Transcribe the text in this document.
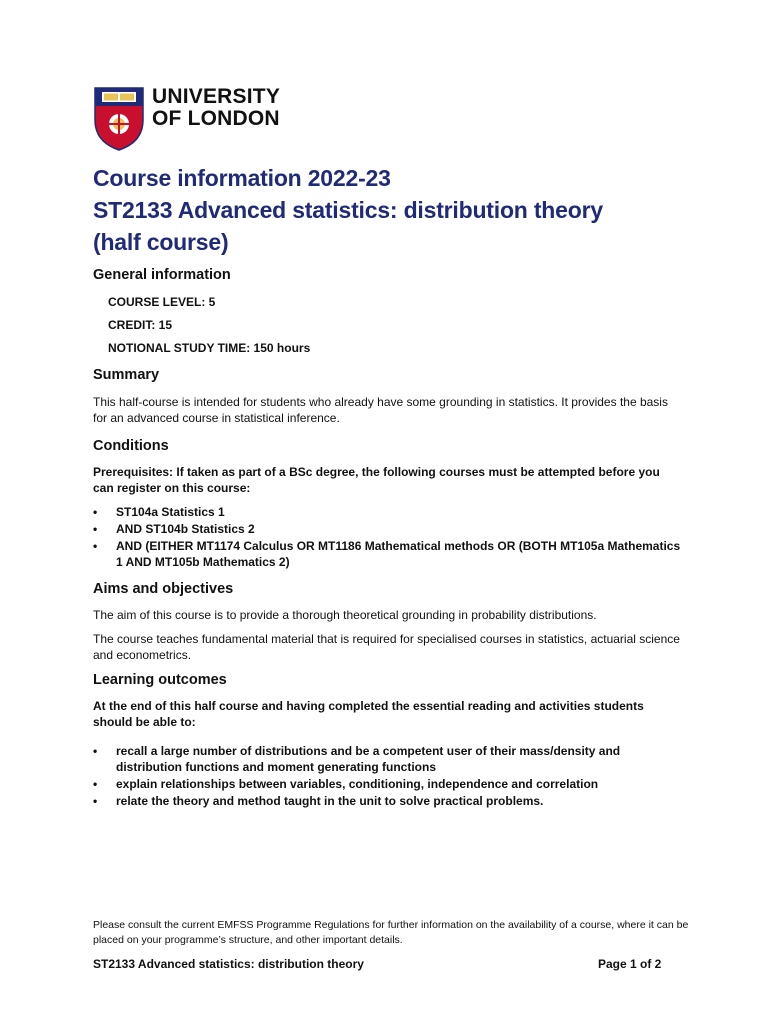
UNIVERSITY
OF LONDON
Course information 2022-23
ST2133 Advanced statistics: distribution theory
(half course)
General information
COURSE LEVEL: 5
CREDIT: 15
NOTIONAL STUDY TIME: 150 hours
Summary
This half-course is intended for students who already have some grounding in statistics. It provides the basis for an advanced course in statistical inference.
Conditions
Prerequisites: If taken as part of a BSc degree, the following courses must be attempted before you can register on this course:
• ST104a Statistics 1
• AND ST104b Statistics 2
• AND (EITHER MT1174 Calculus OR MT1186 Mathematical methods OR (BOTH MT105a Mathematics 1 AND MT105b Mathematics 2)
Aims and objectives
The aim of this course is to provide a thorough theoretical grounding in probability distributions.
The course teaches fundamental material that is required for specialised courses in statistics, actuarial science and econometrics.
Learning outcomes
At the end of this half course and having completed the essential reading and activities students should be able to:
• recall a large number of distributions and be a competent user of their mass/density and distribution functions and moment generating functions
• explain relationships between variables, conditioning, independence and correlation
• relate the theory and method taught in the unit to solve practical problems.
Please consult the current EMFSS Programme Regulations for further information on the availability of a course, where it can be placed on your programme’s structure, and other important details.
ST2133 Advanced statistics: distribution theory	Page 1 of 2
